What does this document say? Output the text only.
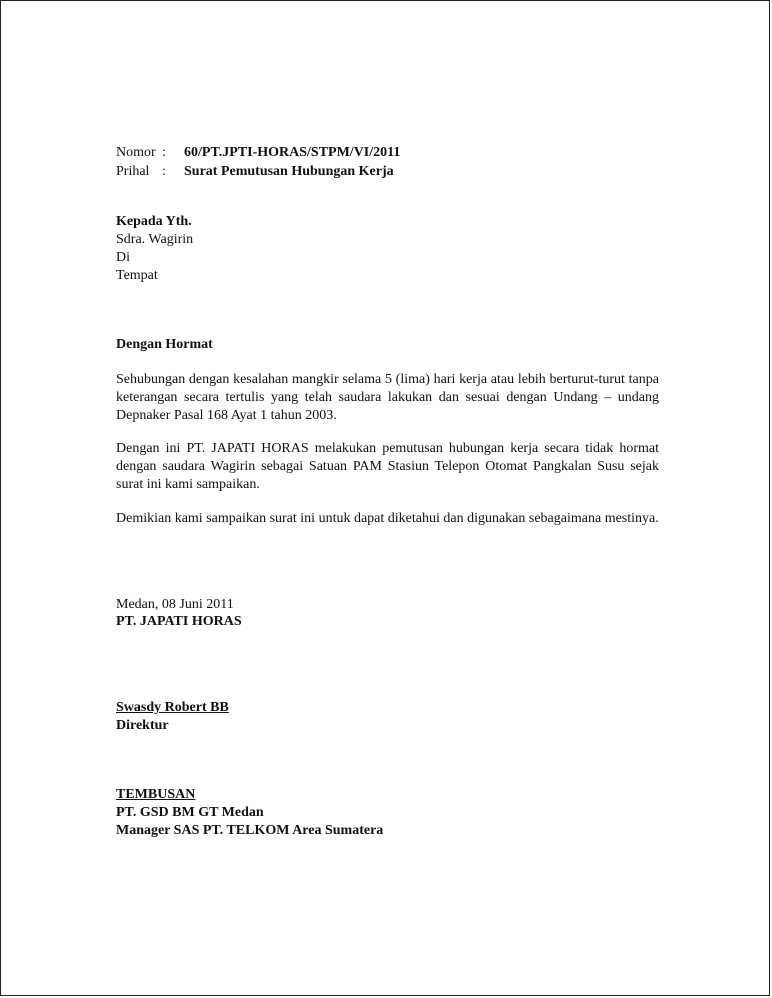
Nomor : 60/PT.JPTI-HORAS/STPM/VI/2011
Prihal : Surat Pemutusan Hubungan Kerja
Kepada Yth.
Sdra. Wagirin
Di
Tempat
Dengan Hormat
Sehubungan dengan kesalahan mangkir selama 5 (lima) hari kerja atau lebih berturut-turut tanpa keterangan secara tertulis yang telah saudara lakukan dan sesuai dengan Undang – undang Depnaker Pasal 168 Ayat 1 tahun 2003.
Dengan ini PT. JAPATI HORAS melakukan pemutusan hubungan kerja secara tidak hormat dengan saudara Wagirin sebagai Satuan PAM Stasiun Telepon Otomat Pangkalan Susu sejak surat ini kami sampaikan.
Demikian kami sampaikan surat ini untuk dapat diketahui dan digunakan sebagaimana mestinya.
Medan, 08 Juni 2011
PT. JAPATI HORAS
Swasdy Robert BB
Direktur
TEMBUSAN
PT. GSD BM GT Medan
Manager SAS PT. TELKOM Area Sumatera
